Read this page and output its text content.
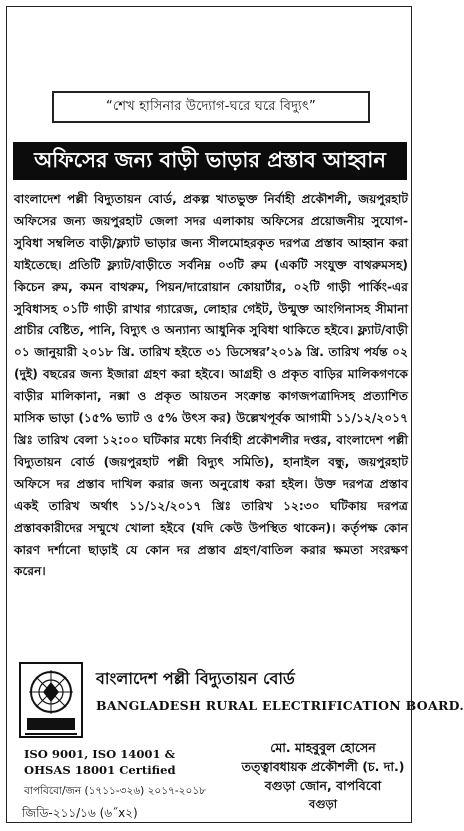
“শেখ হাসিনার উদ্যোগ-ঘরে ঘরে বিদ্যুৎ”
অফিসের জন্য বাড়ী ভাড়ার প্রস্তাব আহ্বান

বাংলাদেশ পল্লী বিদ্যুতায়ন বোর্ড, প্রকল্প খাতভুক্ত নির্বাহী প্রকৌশলী, জয়পুরহাট অফিসের জন্য জয়পুরহাট জেলা সদর এলাকায় অফিসের প্রয়োজনীয় সুযোগ-সুবিধা সম্বলিত বাড়ী/ফ্ল্যাট ভাড়ার জন্য সীলমোহরকৃত দরপত্র প্রস্তাব আহ্বান করা যাইতেছে। প্রতিটি ফ্ল্যাট/বাড়ীতে সর্বনিম্ন ০৩টি রুম (একটি সংযুক্ত বাথরুমসহ) কিচেন রুম, কমন বাথরুম, পিয়ন/দারোয়ান কোয়ার্টার, ০২টি গাড়ী পার্কিং-এর সুবিধাসহ ০১টি গাড়ী রাখার গ্যারেজ, লোহার গেইট, উন্মুক্ত আংগিনাসহ সীমানা প্রাচীর বেষ্টিত, পানি, বিদ্যুৎ ও অন্যান্য আধুনিক সুবিধা থাকিতে হইবে। ফ্ল্যাট/বাড়ী ০১ জানুয়ারী ২০১৮ খ্রি. তারিখ হইতে ৩১ ডিসেম্বর’২০১৯ খ্রি. তারিখ পর্যন্ত ০২ (দুই) বছরের জন্য ইজারা গ্রহণ করা হইবে। আগ্রহী ও প্রকৃত বাড়ির মালিকগণকে বাড়ীর মালিকানা, নক্সা ও প্রকৃত আয়তন সংক্রান্ত কাগজপত্রাদিসহ প্রত্যাশিত মাসিক ভাড়া (১৫% ভ্যাট ও ৫% উৎস কর) উল্লেখপূর্বক আগামী ১১/১২/২০১৭ খ্রিঃ তারিখ বেলা ১২:০০ ঘটিকার মধ্যে নির্বাহী প্রকৌশলীর দপ্তর, বাংলাদেশ পল্লী বিদ্যুতায়ন বোর্ড (জয়পুরহাট পল্লী বিদ্যুৎ সমিতি), হানাইল বন্ধু, জয়পুরহাট অফিসে দর প্রস্তাব দাখিল করার জন্য অনুরোধ করা হইল। উক্ত দরপত্র প্রস্তাব একই তারিখ অর্থাৎ ১১/১২/২০১৭ খ্রিঃ তারিখ ১২:৩০ ঘটিকায় দরপত্র প্রস্তাবকারীদের সম্মুখে খোলা হইবে (যদি কেউ উপস্থিত থাকেন)। কর্তৃপক্ষ কোন কারণ দর্শানো ছাড়াই যে কোন দর প্রস্তাব গ্রহণ/বাতিল করার ক্ষমতা সংরক্ষণ করেন।

বাংলাদেশ পল্লী বিদ্যুতায়ন বোর্ড
BANGLADESH RURAL ELECTRIFICATION BOARD.
ISO 9001, ISO 14001 &
OHSAS 18001 Certified
বাপবিবো/জন (১৭১১-৩২৬) ২০১৭-২০১৮
জিডি-২১১/১৬ (৬˝x২)
মো. মাহবুবুল হোসেন
তত্ত্বাবধায়ক প্রকৌশলী (চ. দা.)
বগুড়া জোন, বাপবিবো
বগুড়া
